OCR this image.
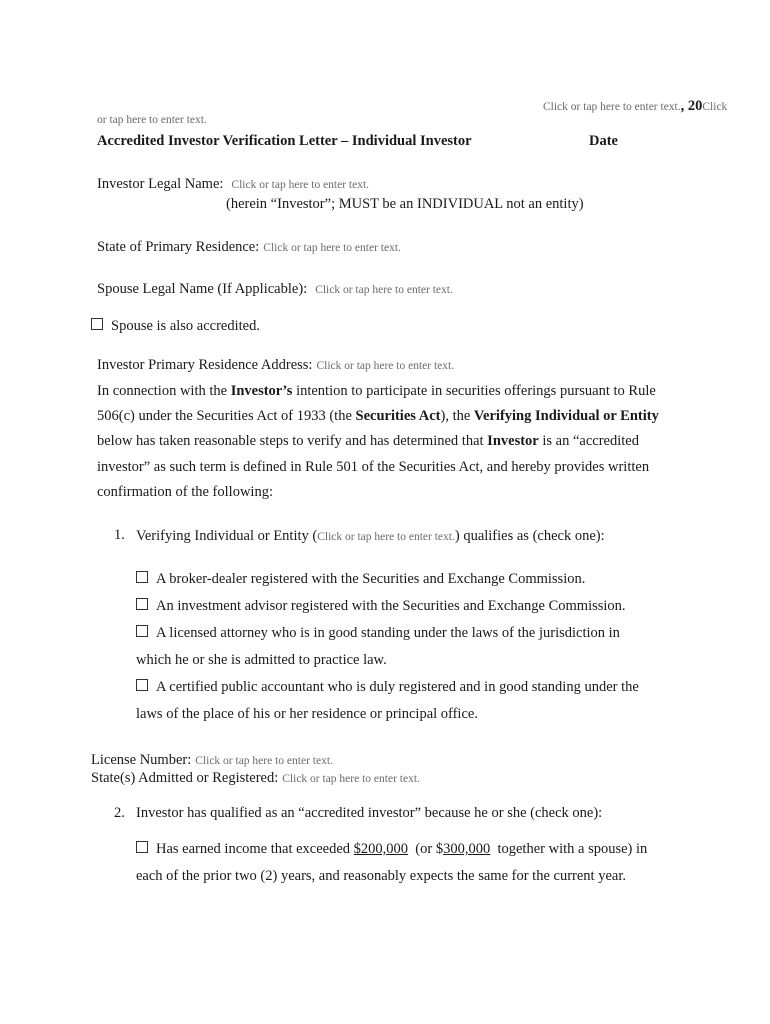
Click or tap here to enter text., 20Click
or tap here to enter text.
Accredited Investor Verification Letter – Individual Investor	Date
Investor Legal Name: Click or tap here to enter text.
(herein “Investor”; MUST be an INDIVIDUAL not an entity)
State of Primary Residence: Click or tap here to enter text.
Spouse Legal Name (If Applicable): Click or tap here to enter text.
Spouse is also accredited.
Investor Primary Residence Address: Click or tap here to enter text.
In connection with the Investor’s intention to participate in securities offerings pursuant to Rule 506(c) under the Securities Act of 1933 (the Securities Act), the Verifying Individual or Entity below has taken reasonable steps to verify and has determined that Investor is an “accredited investor” as such term is defined in Rule 501 of the Securities Act, and hereby provides written confirmation of the following:
1. Verifying Individual or Entity (Click or tap here to enter text.) qualifies as (check one):
A broker-dealer registered with the Securities and Exchange Commission.
An investment advisor registered with the Securities and Exchange Commission.
A licensed attorney who is in good standing under the laws of the jurisdiction in
which he or she is admitted to practice law.
A certified public accountant who is duly registered and in good standing under the
laws of the place of his or her residence or principal office.
License Number: Click or tap here to enter text.
State(s) Admitted or Registered: Click or tap here to enter text.
2. Investor has qualified as an “accredited investor” because he or she (check one):
Has earned income that exceeded $200,000  (or $300,000  together with a spouse) in
each of the prior two (2) years, and reasonably expects the same for the current year.
